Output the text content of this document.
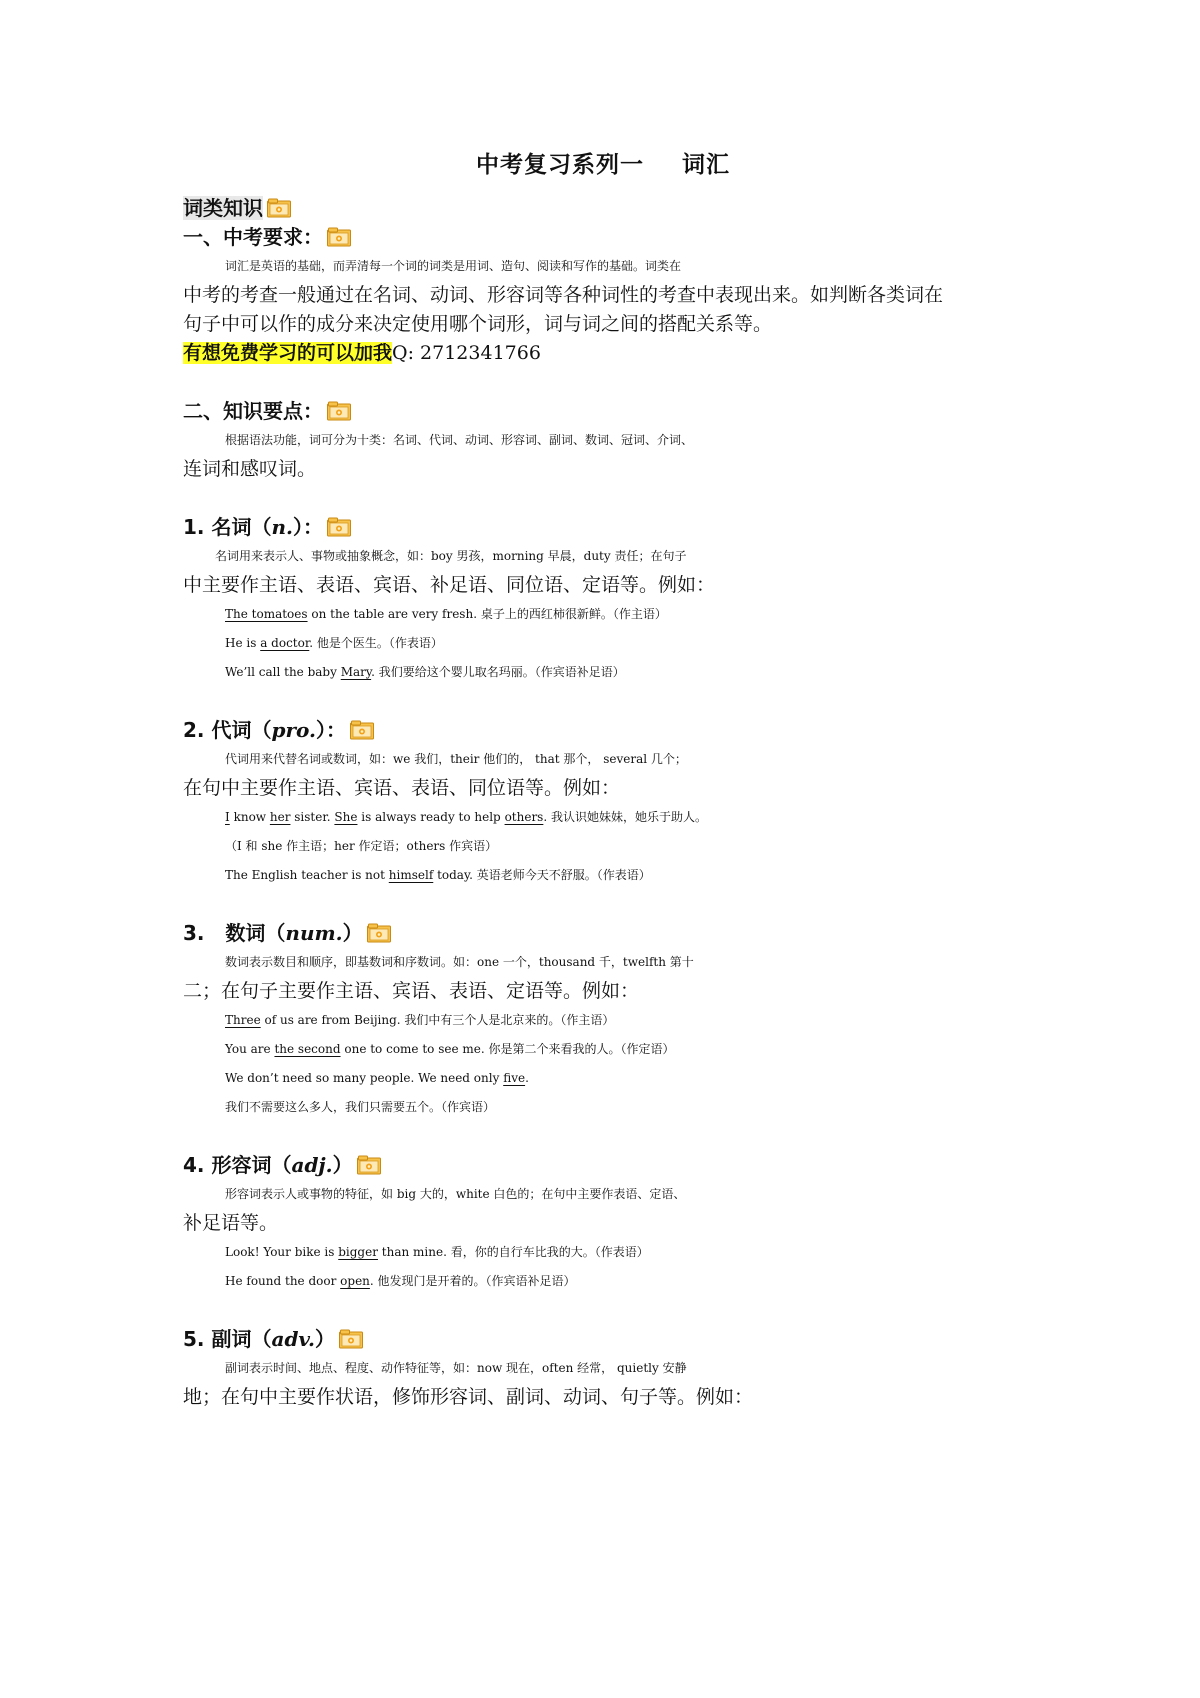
中考复习系列一 词汇
词类知识
一、中考要求：
词汇是英语的基础，而弄清每一个词的词类是用词、造句、阅读和写作的基础。词类在
中考的考查一般通过在名词、动词、形容词等各种词性的考查中表现出来。如判断各类词在
句子中可以作的成分来决定使用哪个词形，词与词之间的搭配关系等。
有想免费学习的可以加我Q: 2712341766
二、知识要点：
根据语法功能，词可分为十类：名词、代词、动词、形容词、副词、数词、冠词、介词、
连词和感叹词。
1. 名词（n.）：
名词用来表示人、事物或抽象概念，如：boy 男孩，morning 早晨，duty 责任；在句子
中主要作主语、表语、宾语、补足语、同位语、定语等。例如：
The tomatoes on the table are very fresh. 桌子上的西红柿很新鲜。（作主语）
He is a doctor. 他是个医生。（作表语）
We’ll call the baby Mary. 我们要给这个婴儿取名玛丽。（作宾语补足语）
2. 代词（pro.）：
代词用来代替名词或数词，如：we 我们，their 他们的， that 那个， several 几个；
在句中主要作主语、宾语、表语、同位语等。例如：
I know her sister. She is always ready to help others. 我认识她妹妹，她乐于助人。
（I 和 she 作主语；her 作定语；others 作宾语）
The English teacher is not himself today. 英语老师今天不舒服。（作表语）
3.   数词（num.）
数词表示数目和顺序，即基数词和序数词。如：one 一个，thousand 千，twelfth 第十
二；在句子主要作主语、宾语、表语、定语等。例如：
Three of us are from Beijing. 我们中有三个人是北京来的。（作主语）
You are the second one to come to see me. 你是第二个来看我的人。（作定语）
We don’t need so many people. We need only five.
我们不需要这么多人，我们只需要五个。（作宾语）
4. 形容词（adj.）
形容词表示人或事物的特征，如 big 大的，white 白色的；在句中主要作表语、定语、
补足语等。
Look! Your bike is bigger than mine. 看，你的自行车比我的大。（作表语）
He found the door open. 他发现门是开着的。（作宾语补足语）
5. 副词（adv.）
副词表示时间、地点、程度、动作特征等，如：now 现在，often 经常， quietly 安静
地；在句中主要作状语，修饰形容词、副词、动词、句子等。例如：
